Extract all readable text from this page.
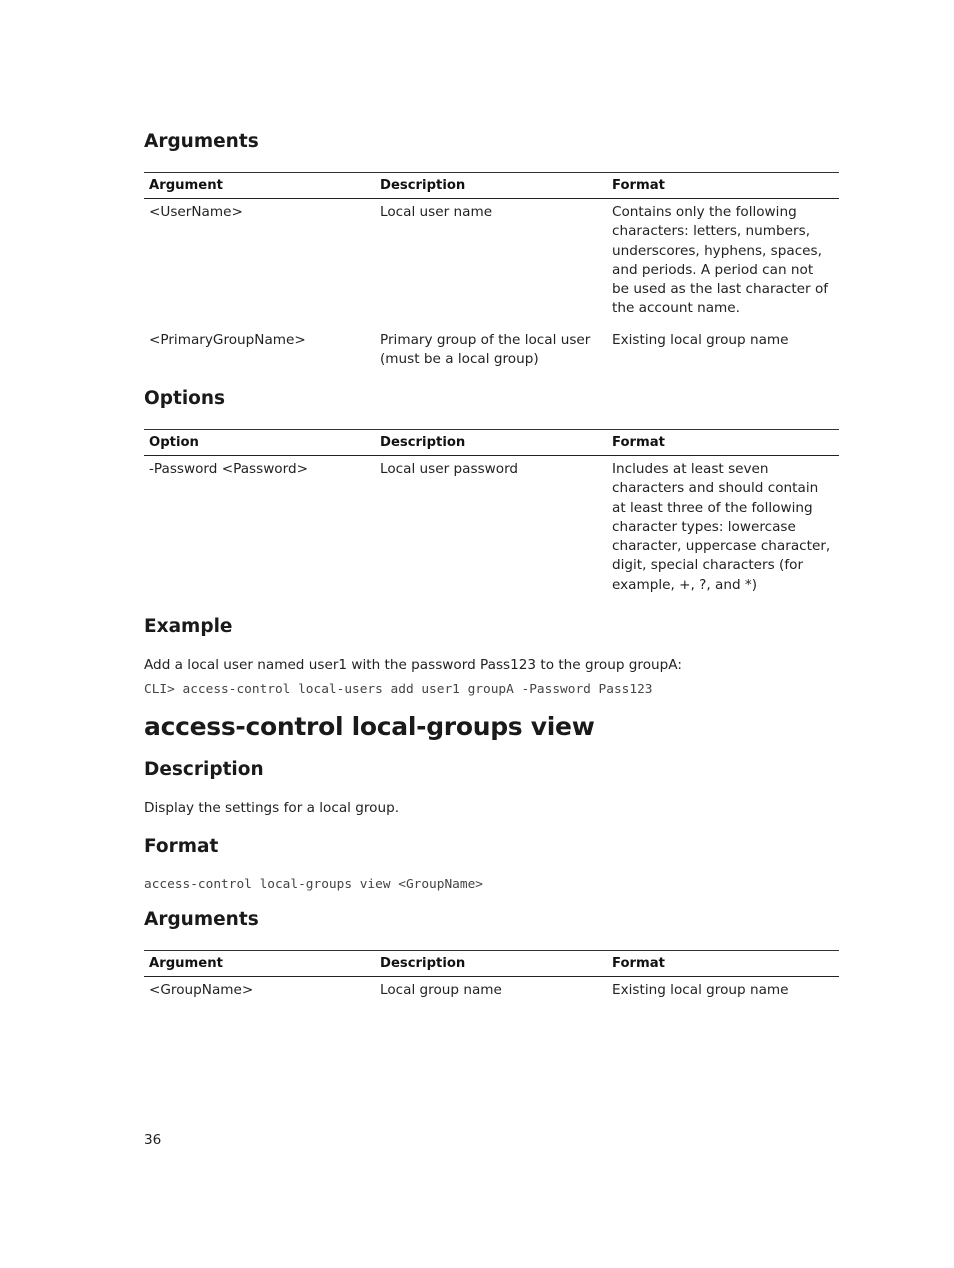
Arguments
Argument	Description	Format
<UserName>	Local user name	Contains only the following characters: letters, numbers, underscores, hyphens, spaces, and periods. A period can not be used as the last character of the account name.
<PrimaryGroupName>	Primary group of the local user (must be a local group)	Existing local group name
Options
Option	Description	Format
-Password <Password>	Local user password	Includes at least seven characters and should contain at least three of the following character types: lowercase character, uppercase character, digit, special characters (for example, +, ?, and *)
Example

Add a local user named user1 with the password Pass123 to the group groupA:

CLI> access-control local-users add user1 groupA -Password Pass123

access-control local-groups view
Description

Display the settings for a local group.

Format

access-control local-groups view <GroupName>

Arguments
Argument	Description	Format
<GroupName>	Local group name	Existing local group name
36
